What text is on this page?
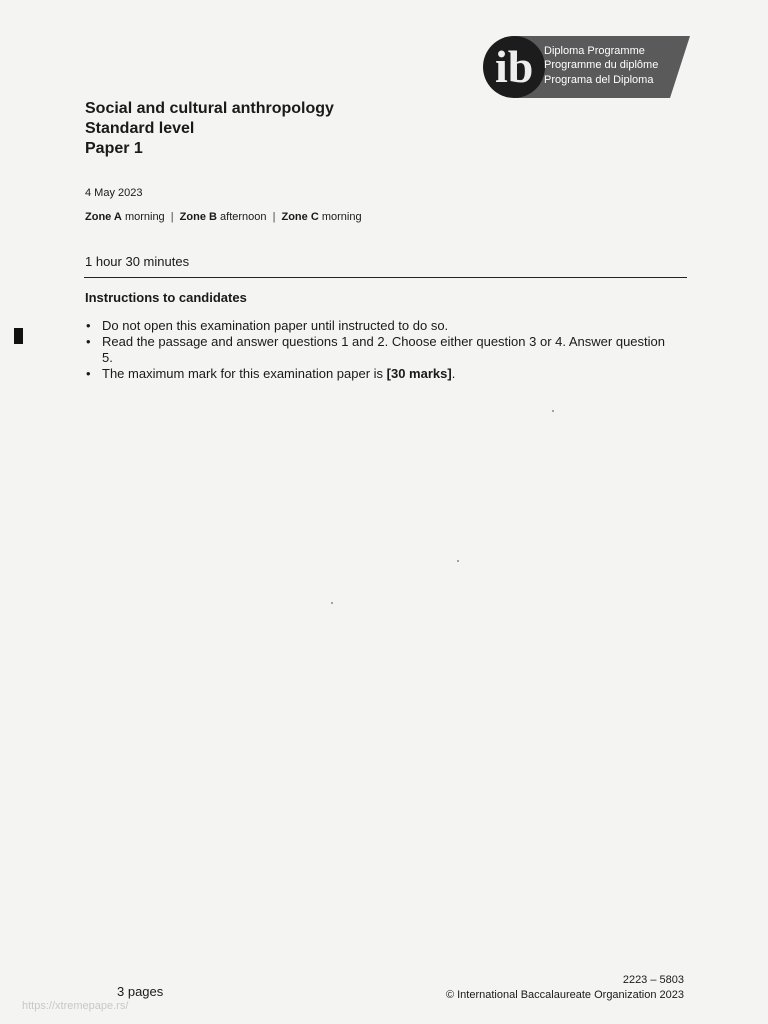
ib Diploma Programme
Programme du diplôme
Programa del Diploma
Social and cultural anthropology
Standard level
Paper 1
4 May 2023
Zone A morning | Zone B afternoon | Zone C morning
1 hour 30 minutes
Instructions to candidates
• Do not open this examination paper until instructed to do so.
• Read the passage and answer questions 1 and 2. Choose either question 3 or 4. Answer question 5.
• The maximum mark for this examination paper is [30 marks].
3 pages
2223 – 5803
© International Baccalaureate Organization 2023
https://xtremepape.rs/
